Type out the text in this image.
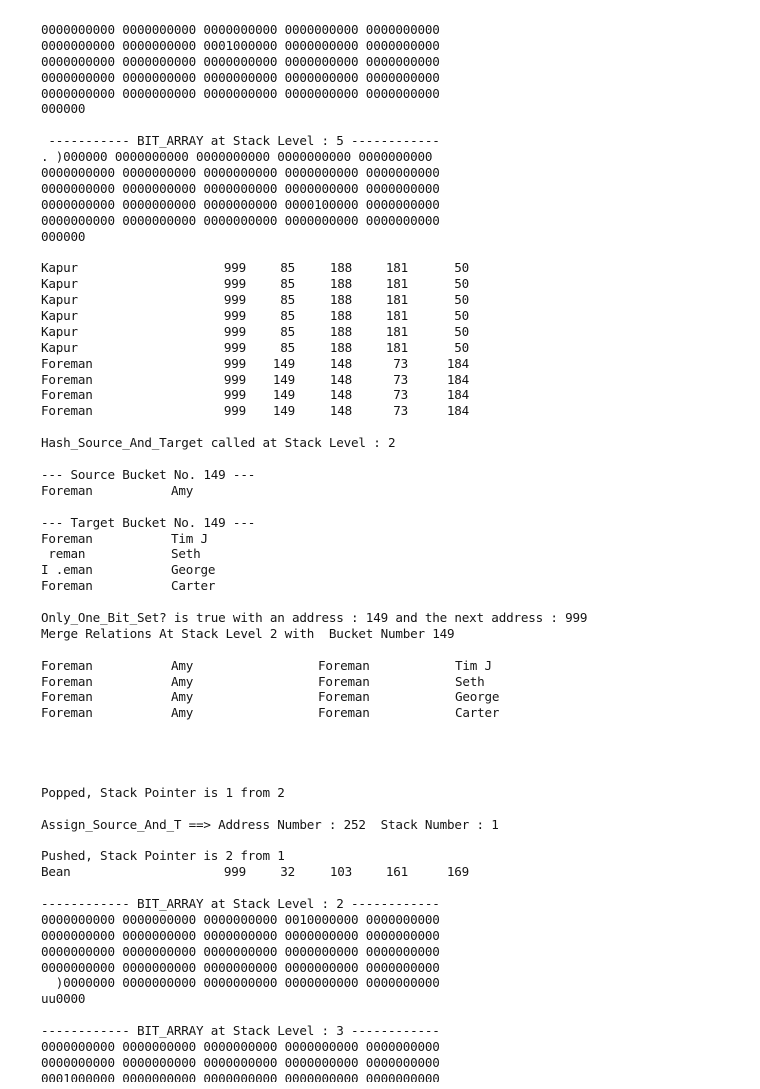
0000000000 0000000000 0000000000 0000000000 0000000000
0000000000 0000000000 0001000000 0000000000 0000000000
0000000000 0000000000 0000000000 0000000000 0000000000
0000000000 0000000000 0000000000 0000000000 0000000000
0000000000 0000000000 0000000000 0000000000 0000000000
000000
----------- BIT_ARRAY at Stack Level : 5 ------------
. )000000 0000000000 0000000000 0000000000 0000000000
0000000000 0000000000 0000000000 0000000000 0000000000
0000000000 0000000000 0000000000 0000000000 0000000000
0000000000 0000000000 0000000000 0000100000 0000000000
0000000000 0000000000 0000000000 0000000000 0000000000
000000
Kapur	999	85	188	181	50
Kapur	999	85	188	181	50
Kapur	999	85	188	181	50
Kapur	999	85	188	181	50
Kapur	999	85	188	181	50
Kapur	999	85	188	181	50
Foreman	999	149	148	73	184
Foreman	999	149	148	73	184
Foreman	999	149	148	73	184
Foreman	999	149	148	73	184
Hash_Source_And_Target called at Stack Level : 2
--- Source Bucket No. 149 ---
Foreman	Amy
--- Target Bucket No. 149 ---
Foreman	Tim J
reman	Seth
I .eman	George
Foreman	Carter
Only_One_Bit_Set? is true with an address : 149 and the next address : 999
Merge Relations At Stack Level 2 with  Bucket Number 149
Foreman	Amy	Foreman	Tim J
Foreman	Amy	Foreman	Seth
Foreman	Amy	Foreman	George
Foreman	Amy	Foreman	Carter
Popped, Stack Pointer is 1 from 2
Assign_Source_And_T ==> Address Number : 252  Stack Number : 1
Pushed, Stack Pointer is 2 from 1
Bean	999	32	103	161	169
------------ BIT_ARRAY at Stack Level : 2 ------------
0000000000 0000000000 0000000000 0010000000 0000000000
0000000000 0000000000 0000000000 0000000000 0000000000
0000000000 0000000000 0000000000 0000000000 0000000000
0000000000 0000000000 0000000000 0000000000 0000000000
)0000000 0000000000 0000000000 0000000000 0000000000
uu0000
------------ BIT_ARRAY at Stack Level : 3 ------------
0000000000 0000000000 0000000000 0000000000 0000000000
0000000000 0000000000 0000000000 0000000000 0000000000
0001000000 0000000000 0000000000 0000000000 0000000000
